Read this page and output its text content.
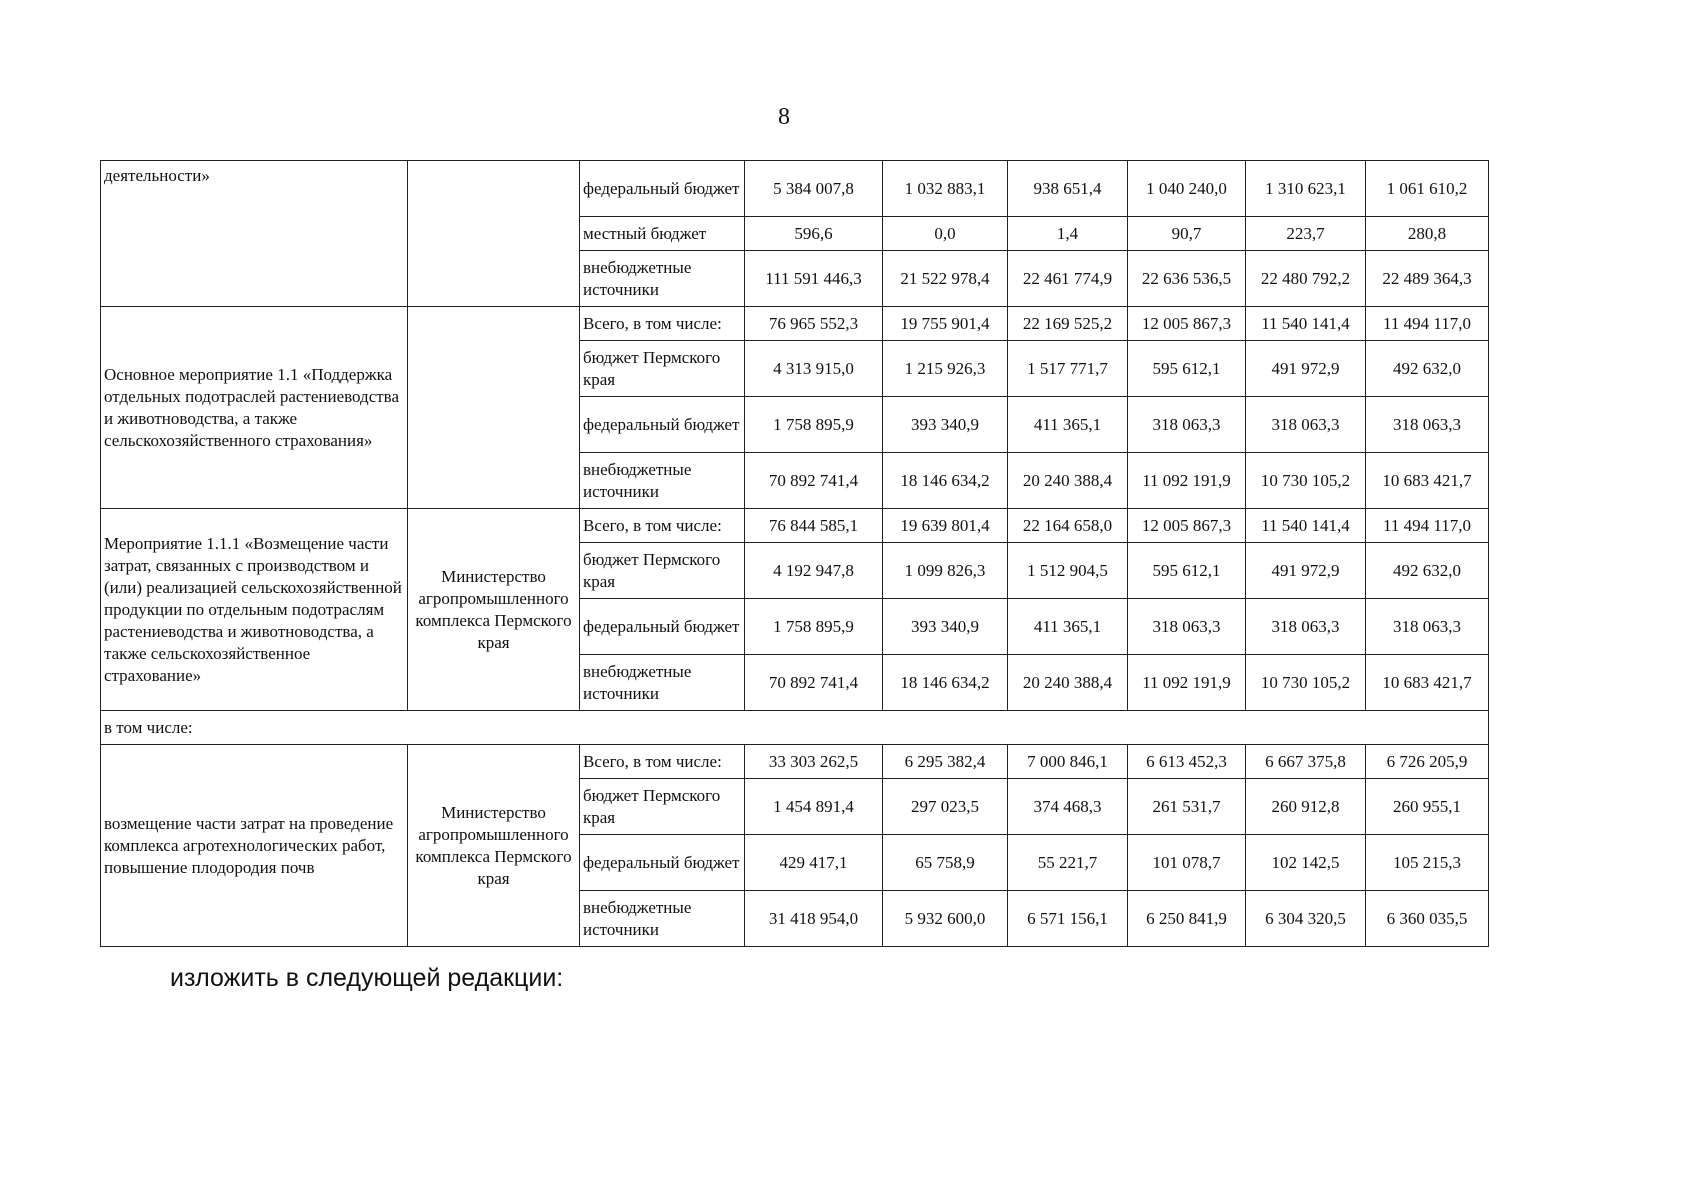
8
деятельности»		федеральный бюджет	5 384 007,8	1 032 883,1	938 651,4	1 040 240,0	1 310 623,1	1 061 610,2
		местный бюджет	596,6	0,0	1,4	90,7	223,7	280,8
		внебюджетные источники	111 591 446,3	21 522 978,4	22 461 774,9	22 636 536,5	22 480 792,2	22 489 364,3
Основное мероприятие 1.1 «Поддержка отдельных подотраслей растениеводства и животноводства, а также сельскохозяйственного страхования»		Всего, в том числе:	76 965 552,3	19 755 901,4	22 169 525,2	12 005 867,3	11 540 141,4	11 494 117,0
		бюджет Пермского края	4 313 915,0	1 215 926,3	1 517 771,7	595 612,1	491 972,9	492 632,0
		федеральный бюджет	1 758 895,9	393 340,9	411 365,1	318 063,3	318 063,3	318 063,3
		внебюджетные источники	70 892 741,4	18 146 634,2	20 240 388,4	11 092 191,9	10 730 105,2	10 683 421,7
Мероприятие 1.1.1 «Возмещение части затрат, связанных с производством и (или) реализацией сельскохозяйственной продукции по отдельным подотраслям растениеводства и животноводства, а также сельскохозяйственное страхование»	Министерство агропромышленного комплекса Пермского края	Всего, в том числе:	76 844 585,1	19 639 801,4	22 164 658,0	12 005 867,3	11 540 141,4	11 494 117,0
		бюджет Пермского края	4 192 947,8	1 099 826,3	1 512 904,5	595 612,1	491 972,9	492 632,0
		федеральный бюджет	1 758 895,9	393 340,9	411 365,1	318 063,3	318 063,3	318 063,3
		внебюджетные источники	70 892 741,4	18 146 634,2	20 240 388,4	11 092 191,9	10 730 105,2	10 683 421,7
в том числе:								
возмещение части затрат на проведение комплекса агротехнологических работ, повышение плодородия почв	Министерство агропромышленного комплекса Пермского края	Всего, в том числе:	33 303 262,5	6 295 382,4	7 000 846,1	6 613 452,3	6 667 375,8	6 726 205,9
		бюджет Пермского края	1 454 891,4	297 023,5	374 468,3	261 531,7	260 912,8	260 955,1
		федеральный бюджет	429 417,1	65 758,9	55 221,7	101 078,7	102 142,5	105 215,3
		внебюджетные источники	31 418 954,0	5 932 600,0	6 571 156,1	6 250 841,9	6 304 320,5	6 360 035,5
изложить в следующей редакции:
